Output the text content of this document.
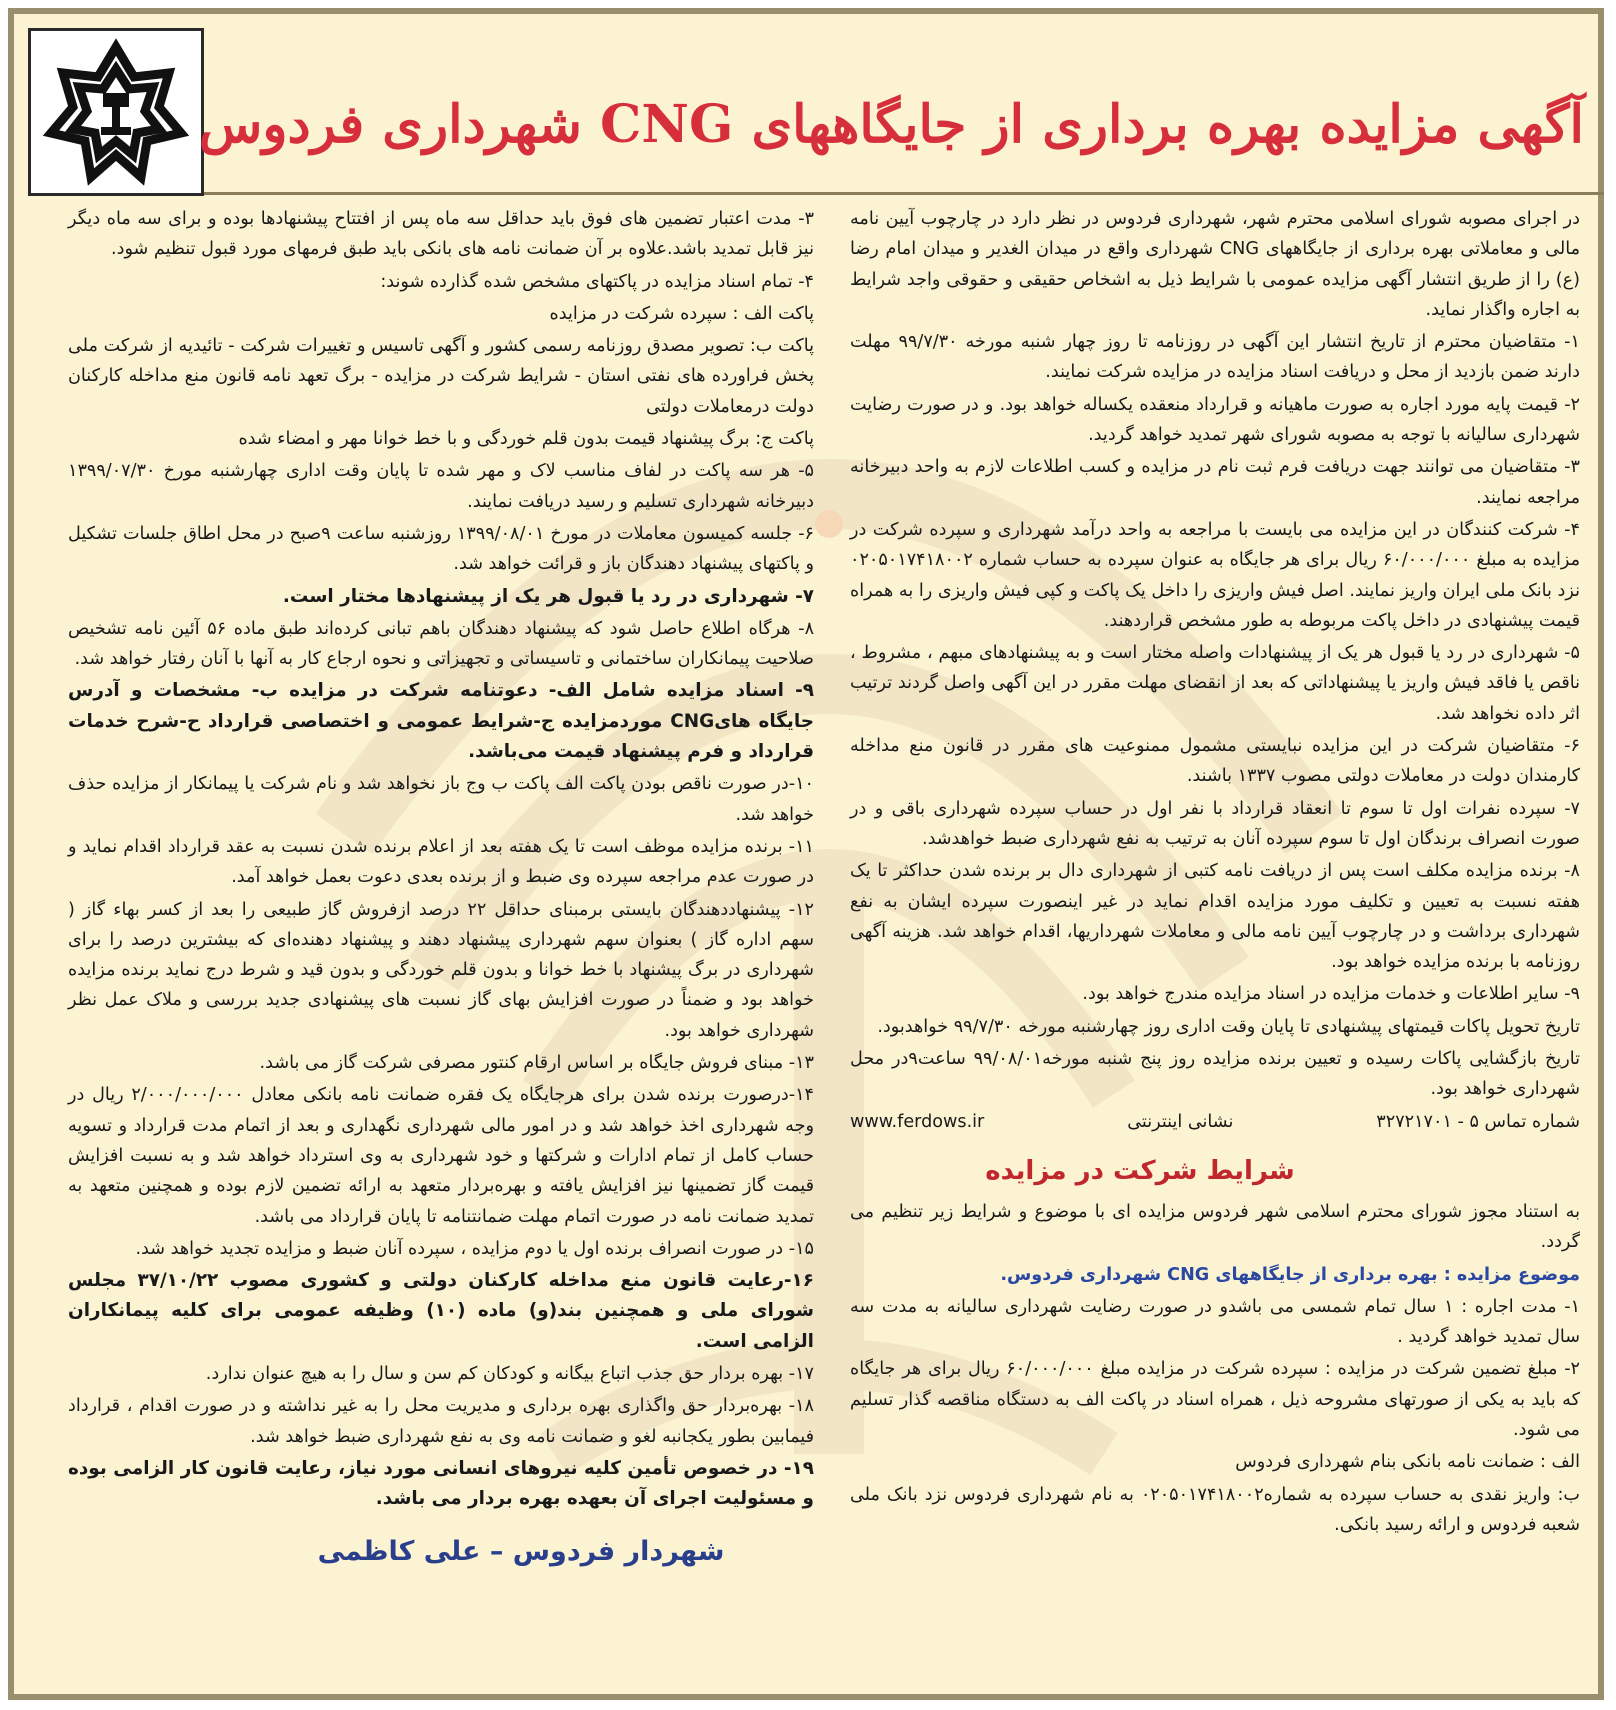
آگهی مزایده بهره برداری از جایگاههای CNG شهرداری فردوس

در اجرای مصوبه شورای اسلامی محترم شهر، شهرداری فردوس در نظر دارد در چارچوب آیین نامه مالی و معاملاتی بهره برداری از جایگاههای CNG شهرداری واقع در میدان الغدیر و میدان امام رضا (ع) را از طریق انتشار آگهی مزایده عمومی با شرایط ذیل به اشخاص حقیقی و حقوقی واجد شرایط به اجاره واگذار نماید.

۱- متقاضیان محترم از تاریخ انتشار این آگهی در روزنامه تا روز چهار شنبه مورخه ۹۹/۷/۳۰ مهلت دارند ضمن بازدید از محل و دریافت اسناد مزایده در مزایده شرکت نمایند.

۲- قیمت پایه مورد اجاره به صورت ماهیانه و قرارداد منعقده یکساله خواهد بود. و در صورت رضایت شهرداری سالیانه با توجه به مصوبه شورای شهر تمدید خواهد گردید.

۳- متقاضیان می توانند جهت دریافت فرم ثبت نام در مزایده و کسب اطلاعات لازم به واحد دبیرخانه مراجعه نمایند.

۴- شرکت کنندگان در این مزایده می بایست با مراجعه به واحد درآمد شهرداری و سپرده شرکت در مزایده به مبلغ ۶۰/۰۰۰/۰۰۰ ریال برای هر جایگاه به عنوان سپرده به حساب شماره ۰۲۰۵۰۱۷۴۱۸۰۰۲ نزد بانک ملی ایران واریز نمایند. اصل فیش واریزی را داخل یک پاکت و کپی فیش واریزی را به همراه قیمت پیشنهادی در داخل پاکت مربوطه به طور مشخص قراردهند.

۵- شهرداری در رد یا قبول هر یک از پیشنهادات واصله مختار است و به پیشنهادهای مبهم ، مشروط ، ناقص یا فاقد فیش واریز یا پیشنهاداتی که بعد از انقضای مهلت مقرر در این آگهی واصل گردند ترتیب اثر داده نخواهد شد.

۶- متقاضیان شرکت در این مزایده نبایستی مشمول ممنوعیت های مقرر در قانون منع مداخله کارمندان دولت در معاملات دولتی مصوب ۱۳۳۷ باشند.

۷- سپرده نفرات اول تا سوم تا انعقاد قرارداد با نفر اول در حساب سپرده شهرداری باقی و در صورت انصراف برندگان اول تا سوم سپرده آنان به ترتیب به نفع شهرداری ضبط خواهدشد.

۸- برنده مزایده مکلف است پس از دریافت نامه کتبی از شهرداری دال بر برنده شدن حداکثر تا یک هفته نسبت به تعیین و تکلیف مورد مزایده اقدام نماید در غیر اینصورت سپرده ایشان به نفع شهرداری برداشت و در چارچوب آیین نامه مالی و معاملات شهرداریها، اقدام خواهد شد. هزینه آگهی روزنامه با برنده مزایده خواهد بود.

۹- سایر اطلاعات و خدمات مزایده در اسناد مزایده مندرج خواهد بود.

تاریخ تحویل پاکات قیمتهای پیشنهادی تا پایان وقت اداری روز چهارشنبه مورخه ۹۹/۷/۳۰ خواهدبود.

تاریخ بازگشایی پاکات رسیده و تعیین برنده مزایده روز پنج شنبه مورخه۹۹/۰۸/۰۱ ساعت۹در محل شهرداری خواهد بود.

شماره تماس ۵ - ۳۲۷۲۱۷۰۱
نشانی اینترنتی
www.ferdows.ir
شرایط شرکت در مزایده

به استناد مجوز شورای محترم اسلامی شهر فردوس مزایده ای با موضوع و شرایط زیر تنظیم می گردد.

موضوع مزایده : بهره برداری از جایگاههای CNG شهرداری فردوس.

۱- مدت اجاره : ۱ سال تمام شمسی می باشدو در صورت رضایت شهرداری سالیانه به مدت سه سال تمدید خواهد گردید .

۲- مبلغ تضمین شرکت در مزایده : سپرده شرکت در مزایده مبلغ ۶۰/۰۰۰/۰۰۰ ریال برای هر جایگاه که باید به یکی از صورتهای مشروحه ذیل ، همراه اسناد در پاکت الف به دستگاه مناقصه گذار تسلیم می شود.

الف : ضمانت نامه بانکی بنام شهرداری فردوس

ب: واریز نقدی به حساب سپرده به شماره۰۲۰۵۰۱۷۴۱۸۰۰۲ به نام شهرداری فردوس نزد بانک ملی شعبه فردوس و ارائه رسید بانکی.

۳- مدت اعتبار تضمین های فوق باید حداقل سه ماه پس از افتتاح پیشنهادها بوده و برای سه ماه دیگر نیز قابل تمدید باشد.علاوه بر آن ضمانت نامه های بانکی باید طبق فرمهای مورد قبول تنظیم شود.

۴- تمام اسناد مزایده در پاکتهای مشخص شده گذارده شوند:

پاکت الف : سپرده شرکت در مزایده

پاکت ب: تصویر مصدق روزنامه رسمی کشور و آگهی تاسیس و تغییرات شرکت - تائیدیه از شرکت ملی پخش فراورده های نفتی استان - شرایط شرکت در مزایده - برگ تعهد نامه قانون منع مداخله کارکنان دولت درمعاملات دولتی

پاکت ج: برگ پیشنهاد قیمت بدون قلم خوردگی و با خط خوانا مهر و امضاء شده

۵- هر سه پاکت در لفاف مناسب لاک و مهر شده تا پایان وقت اداری چهارشنبه مورخ ۱۳۹۹/۰۷/۳۰ دبیرخانه شهرداری تسلیم و رسید دریافت نمایند.

۶- جلسه کمیسون معاملات در مورخ ۱۳۹۹/۰۸/۰۱ روزشنبه ساعت ۹صبح در محل اطاق جلسات تشکیل و پاکتهای پیشنهاد دهندگان باز و قرائت خواهد شد.

۷- شهرداری در رد یا قبول هر یک از پیشنهادها مختار است.

۸- هرگاه اطلاع حاصل شود که پیشنهاد دهندگان باهم تبانی کرده‌اند طبق ماده ۵۶ آئین نامه تشخیص صلاحیت پیمانکاران ساختمانی و تاسیساتی و تجهیزاتی و نحوه ارجاع کار به آنها با آنان رفتار خواهد شد.

۹- اسناد مزایده شامل الف- دعوتنامه شرکت در مزایده ب- مشخصات و آدرس جایگاه هایCNG موردمزایده ج-شرایط عمومی و اختصاصی قرارداد ح-شرح خدمات قرارداد و فرم پیشنهاد قیمت می‌باشد.

۱۰-در صورت ناقص بودن پاکت الف پاکت ب وج باز نخواهد شد و نام شرکت یا پیمانکار از مزایده حذف خواهد شد.

۱۱- برنده مزایده موظف است تا یک هفته بعد از اعلام برنده شدن نسبت به عقد قرارداد اقدام نماید و در صورت عدم مراجعه سپرده وی ضبط و از برنده بعدی دعوت بعمل خواهد آمد.

۱۲- پیشنهاددهندگان بایستی برمبنای حداقل ۲۲ درصد ازفروش گاز طبیعی را بعد از کسر بهاء گاز ( سهم اداره گاز ) بعنوان سهم شهرداری پیشنهاد دهند و پیشنهاد دهنده‌ای که بیشترین درصد را برای شهرداری در برگ پیشنهاد با خط خوانا و بدون قلم خوردگی و بدون قید و شرط درج نماید برنده مزایده خواهد بود و ضمناً در صورت افزایش بهای گاز نسبت های پیشنهادی جدید بررسی و ملاک عمل نظر شهرداری خواهد بود.

۱۳- مبنای فروش جایگاه بر اساس ارقام کنتور مصرفی شرکت گاز می باشد.

۱۴-درصورت برنده شدن برای هرجایگاه یک فقره ضمانت نامه بانکی معادل ۲/۰۰۰/۰۰۰/۰۰۰ ریال در وجه شهرداری اخذ خواهد شد و در امور مالی شهرداری نگهداری و بعد از اتمام مدت قرارداد و تسویه حساب کامل از تمام ادارات و شرکتها و خود شهرداری به وی استرداد خواهد شد و به نسبت افزایش قیمت گاز تضمینها نیز افزایش یافته و بهره‌بردار متعهد به ارائه تضمین لازم بوده و همچنین متعهد به تمدید ضمانت نامه در صورت اتمام مهلت ضمانتنامه تا پایان قرارداد می باشد.

۱۵- در صورت انصراف برنده اول یا دوم مزایده ، سپرده آنان ضبط و مزایده تجدید خواهد شد.

۱۶-رعایت قانون منع مداخله کارکنان دولتی و کشوری مصوب ۳۷/۱۰/۲۲ مجلس شورای ملی و همچنین بند(و) ماده (۱۰) وظیفه عمومی برای کلیه پیمانکاران الزامی است.

۱۷- بهره بردار حق جذب اتباع بیگانه و کودکان کم سن و سال را به هیچ عنوان ندارد.

۱۸- بهره‌بردار حق واگذاری بهره برداری و مدیریت محل را به غیر نداشته و در صورت اقدام ، قرارداد فیمابین بطور یکجانبه لغو و ضمانت نامه وی به نفع شهرداری ضبط خواهد شد.

۱۹- در خصوص تأمین کلیه نیروهای انسانی مورد نیاز، رعایت قانون کار الزامی بوده و مسئولیت اجرای آن بعهده بهره بردار می باشد.

شهردار فردوس – علی کاظمی
